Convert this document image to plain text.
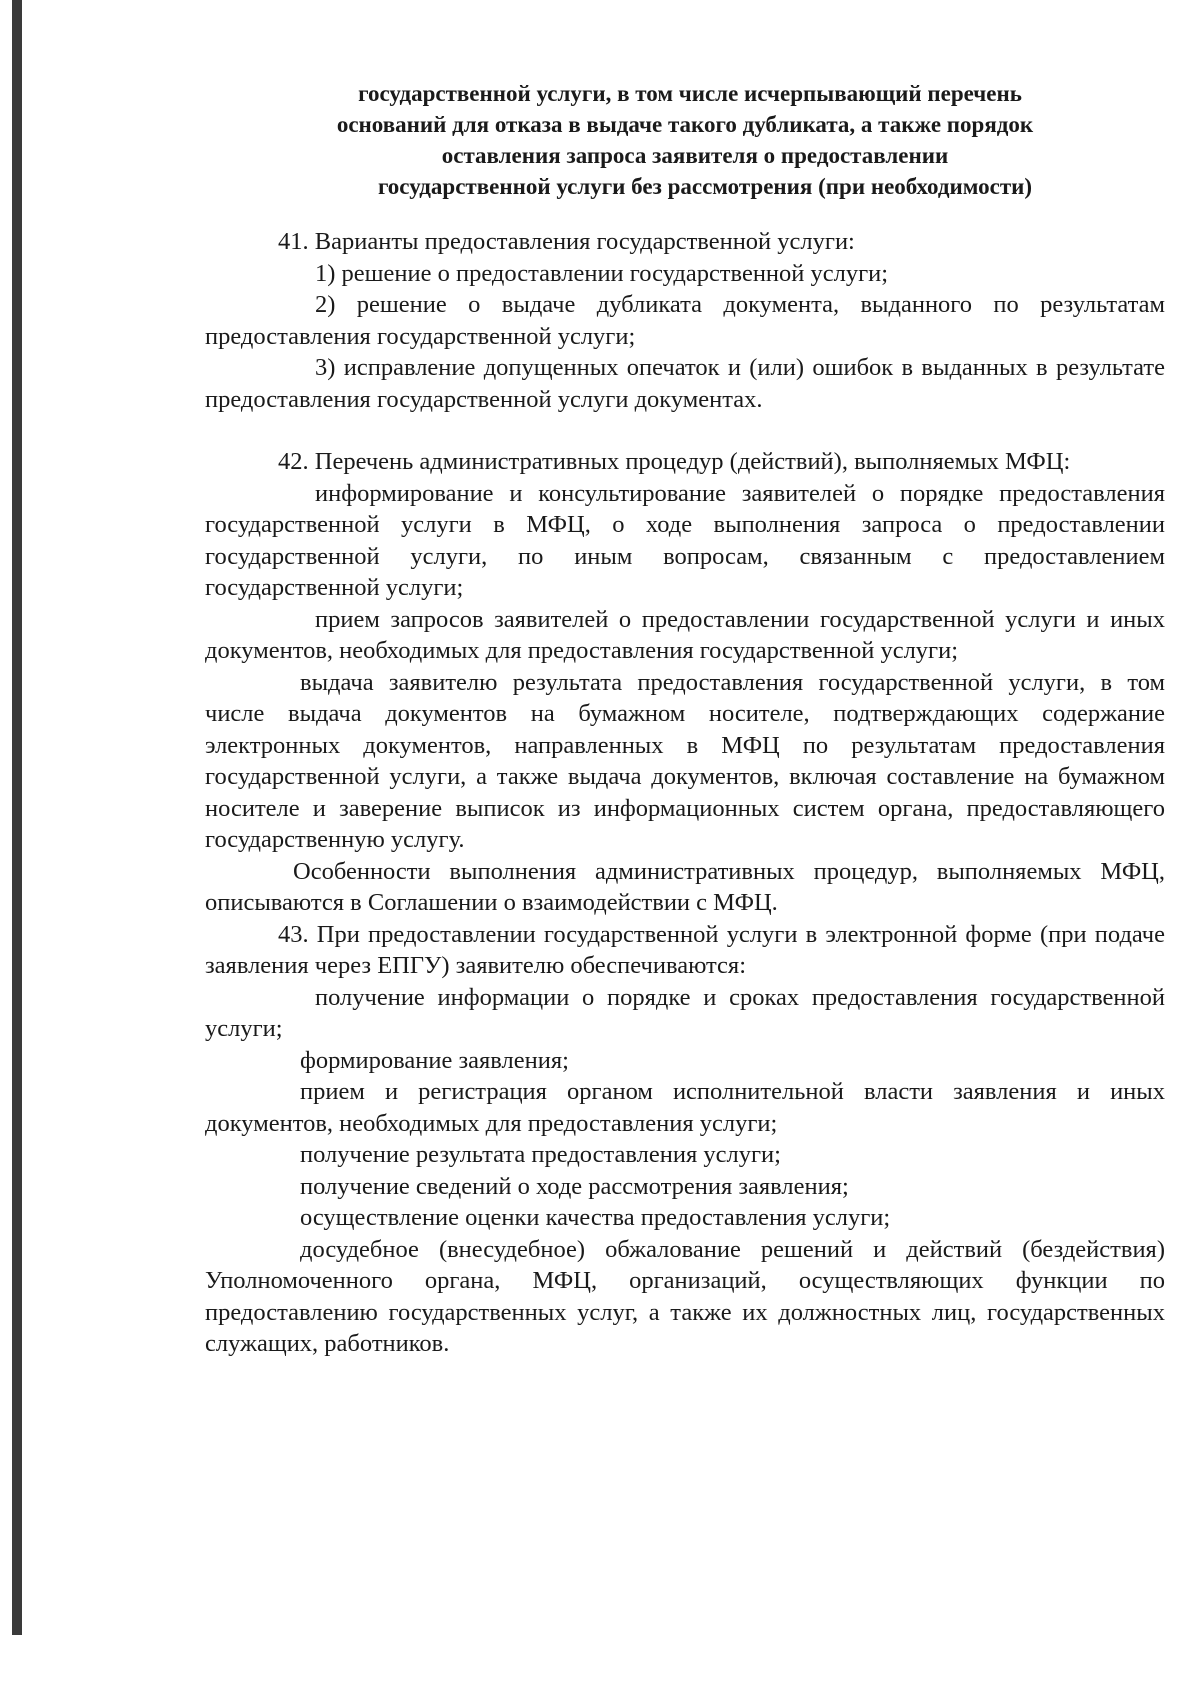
государственной услуги, в том числе исчерпывающий перечень
оснований для отказа в выдаче такого дубликата, а также порядок
оставления запроса заявителя о предоставлении
государственной услуги без рассмотрения (при необходимости)

41. Варианты предоставления государственной услуги:

1) решение о предоставлении государственной услуги;

2) решение о выдаче дубликата документа, выданного по результатам предоставления государственной услуги;

3) исправление допущенных опечаток и (или) ошибок в выданных в результате предоставления государственной услуги документах.

42. Перечень административных процедур (действий), выполняемых МФЦ:

информирование и консультирование заявителей о порядке предоставления государственной услуги в МФЦ, о ходе выполнения запроса о предоставлении государственной услуги, по иным вопросам, связанным с предоставлением государственной услуги;

прием запросов заявителей о предоставлении государственной услуги и иных документов, необходимых для предоставления государственной услуги;

выдача заявителю результата предоставления государственной услуги, в том числе выдача документов на бумажном носителе, подтверждающих содержание электронных документов, направленных в МФЦ по результатам предоставления государственной услуги, а также выдача документов, включая составление на бумажном носителе и заверение выписок из информационных систем органа, предоставляющего государственную услугу.

Особенности выполнения административных процедур, выполняемых МФЦ, описываются в Соглашении о взаимодействии с МФЦ.

43. При предоставлении государственной услуги в электронной форме (при подаче заявления через ЕПГУ) заявителю обеспечиваются:

получение информации о порядке и сроках предоставления государственной услуги;

формирование заявления;

прием и регистрация органом исполнительной власти заявления и иных документов, необходимых для предоставления услуги;

получение результата предоставления услуги;

получение сведений о ходе рассмотрения заявления;

осуществление оценки качества предоставления услуги;

досудебное (внесудебное) обжалование решений и действий (бездействия) Уполномоченного органа, МФЦ, организаций, осуществляющих функции по предоставлению государственных услуг, а также их должностных лиц, государственных служащих, работников.
